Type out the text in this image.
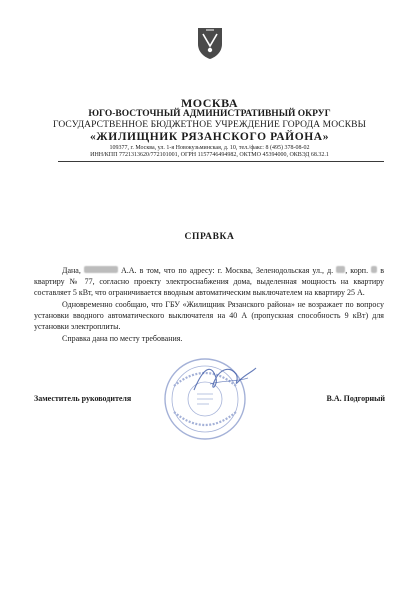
МОСКВА
ЮГО-ВОСТОЧНЫЙ АДМИНИСТРАТИВНЫЙ ОКРУГ
ГОСУДАРСТВЕННОЕ БЮДЖЕТНОЕ УЧРЕЖДЕНИЕ ГОРОДА МОСКВЫ
«ЖИЛИЩНИК РЯЗАНСКОГО РАЙОНА»
109377, г. Москва, ул. 1-я Новокузьминская, д. 10, тел./факс: 8 (495) 378-08-02
ИНН/КПП 7721313620/772101001, ОГРН 1157746494982, ОКТМО 45394000, ОКВЭД 68.32.1
СПРАВКА

Дана,	А.А. в том, что по адресу: г. Москва, Зеленодольская ул., д. , корп.  в квартиру № 77, согласно проекту электроснабжения дома, выделенная мощность на квартиру составляет 5 кВт, что ограничивается вводным автоматическим выключателем на квартиру 25 А.

Одновременно сообщаю, что ГБУ «Жилищник Рязанского района» не возражает по вопросу установки вводного автоматического выключателя на 40 А (пропускная способность 9 кВт) для установки электроплиты.

Справка дана по месту требования.

Заместитель руководителя	В.А. Подгорный
